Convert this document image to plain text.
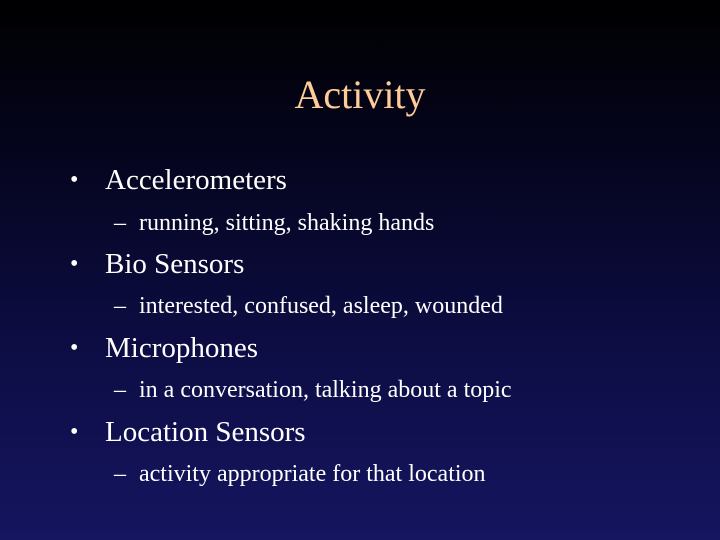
Activity
• Accelerometers
– running, sitting, shaking hands
• Bio Sensors
– interested, confused, asleep, wounded
• Microphones
– in a conversation, talking about a topic
• Location Sensors
– activity appropriate for that location
